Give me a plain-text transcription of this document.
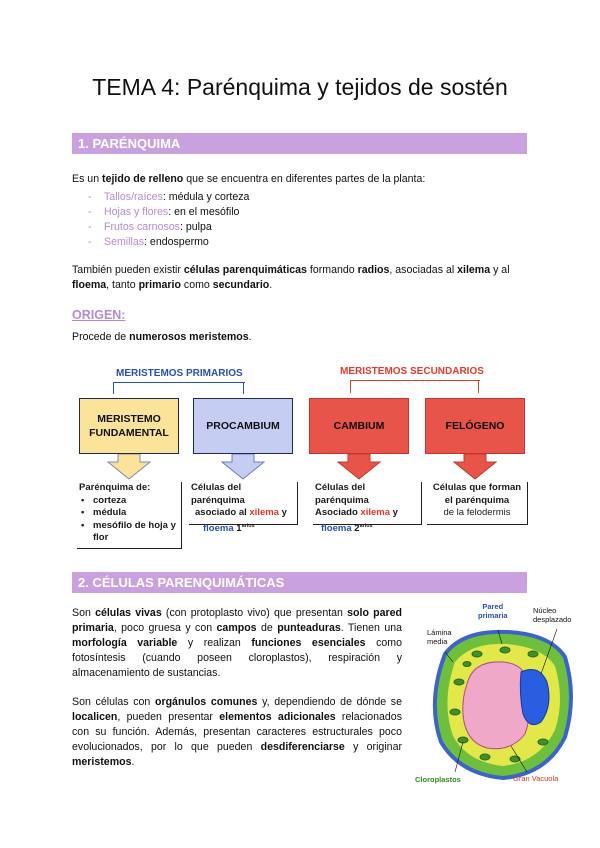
TEMA 4: Parénquima y tejidos de sostén
1. PARÉNQUIMA
Es un tejido de relleno que se encuentra en diferentes partes de la planta:
- Tallos/raíces: médula y corteza
- Hojas y flores: en el mesófilo
- Frutos carnosos: pulpa
- Semillas: endospermo
También pueden existir células parenquimáticas formando radios, asociadas al xilema y al floema, tanto primario como secundario.
ORIGEN:
Procede de numerosos meristemos.
MERISTEMOS PRIMARIOS	MERISTEMOS SECUNDARIOS
MERISTEMO FUNDAMENTAL
PROCAMBIUM	CAMBIUM	FELÓGENO
Parénquima de:
• corteza
• médula
• mesófilo de hoja y flor
Células del parénquima
asociado al xilema y
floema $1^{arios}$
Células del parénquima
Asociado xilema y
floema $2^{arios}$
Células que forman
el parénquima
de la felodermis
2. CÉLULAS PARENQUIMÁTICAS
Son células vivas (con protoplasto vivo) que presentan solo pared primaria, poco gruesa y con campos de punteaduras. Tienen una morfología variable y realizan funciones esenciales como fotosíntesis (cuando poseen cloroplastos), respiración y almacenamiento de sustancias.
Son células con orgánulos comunes y, dependiendo de dónde se localicen, pueden presentar elementos adicionales relacionados con su función. Además, presentan caracteres estructurales poco evolucionados, por lo que pueden desdiferenciarse y originar meristemos.
Pared
primaria
Núcleo
desplazado
Lámina
media
Cloroplastos	Gran Vacuola
